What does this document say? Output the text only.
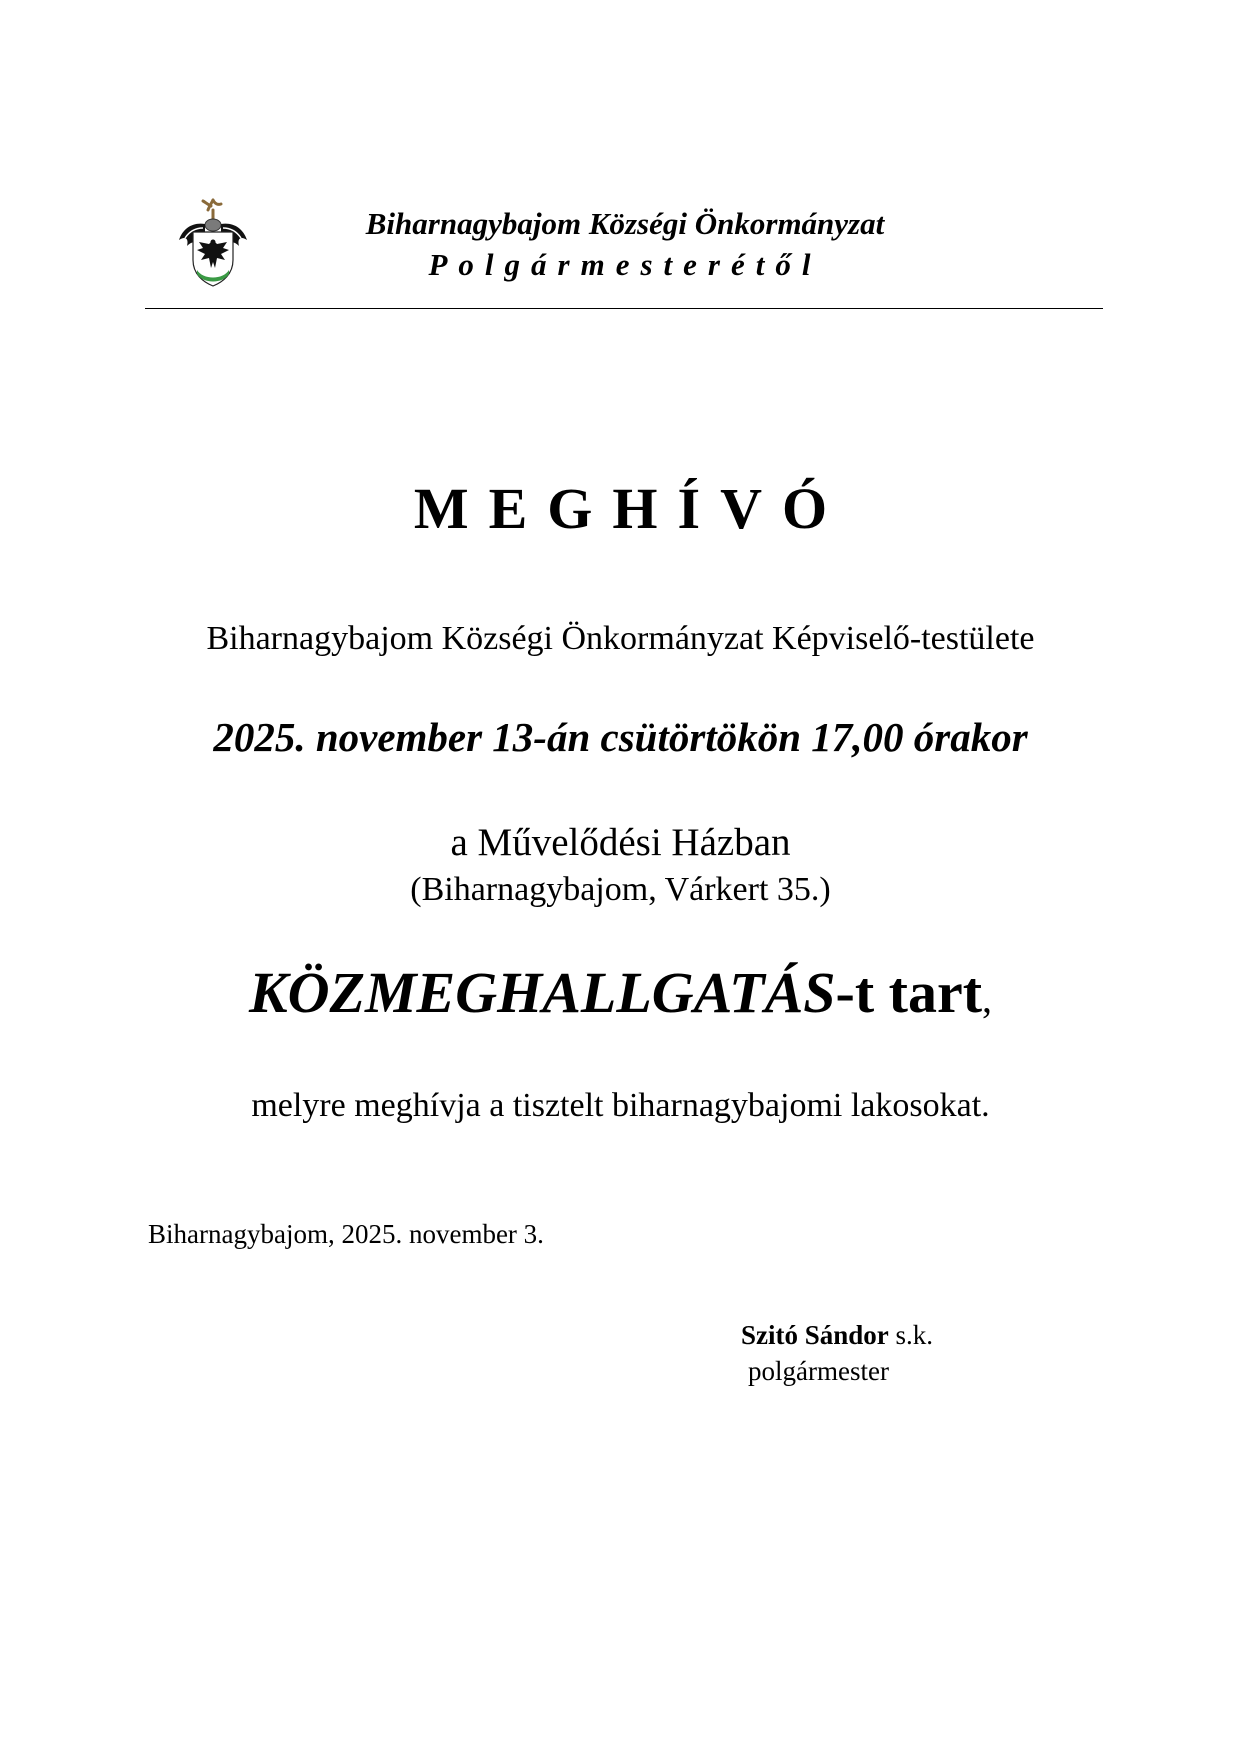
Biharnagybajom Községi Önkormányzat
Polgármesterétől
MEGHÍVÓ
Biharnagybajom Községi Önkormányzat Képviselő-testülete
2025. november 13-án csütörtökön 17,00 órakor
a Művelődési Házban
(Biharnagybajom, Várkert 35.)
KÖZMEGHALLGATÁS-t tart,
melyre meghívja a tisztelt biharnagybajomi lakosokat.
Biharnagybajom, 2025. november 3.
Szitó Sándor s.k.
polgármester
